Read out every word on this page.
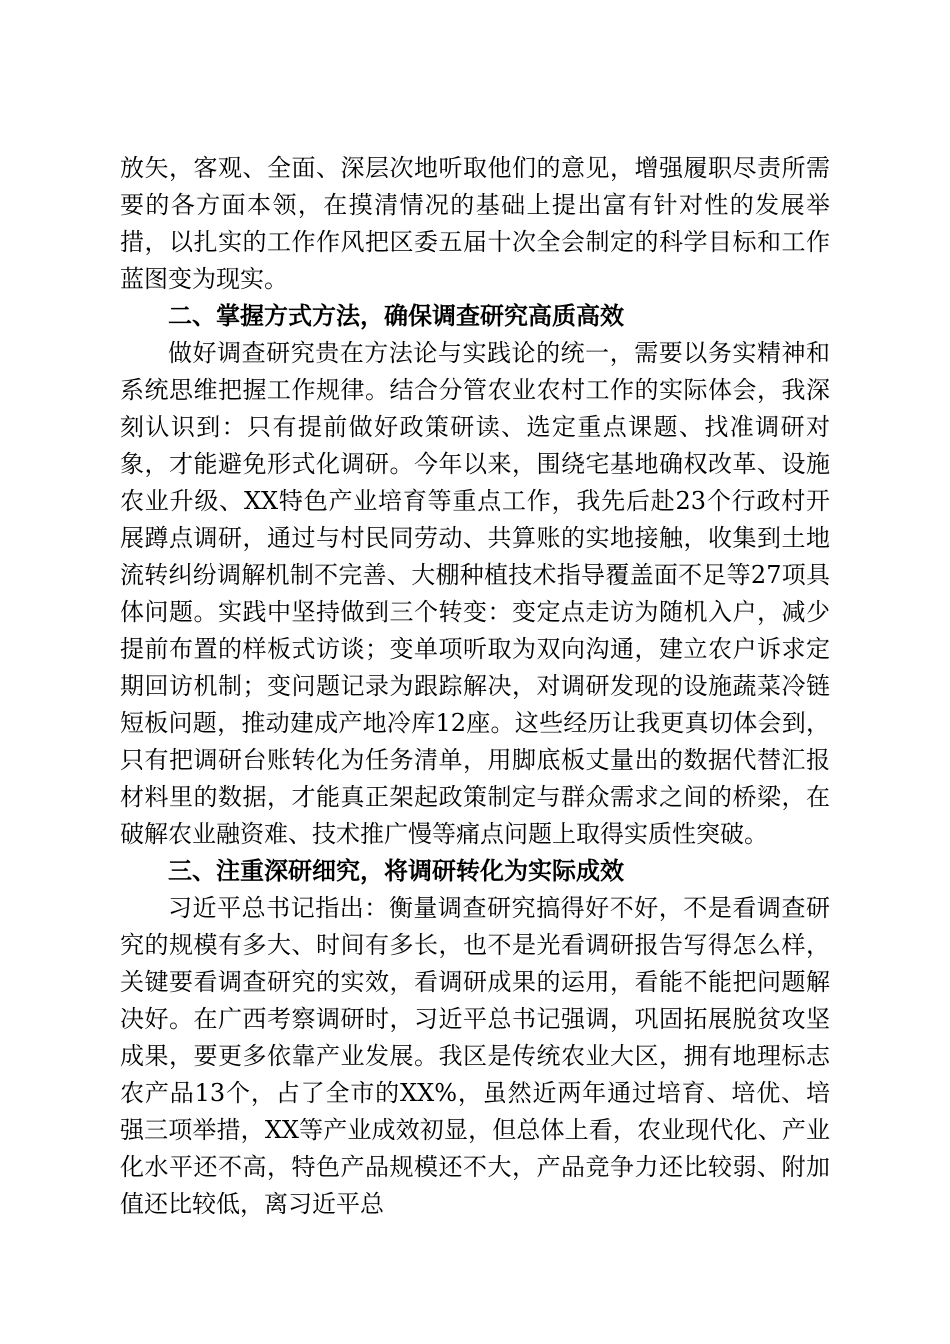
放矢，客观、全面、深层次地听取他们的意见，增强履职尽责所需要的各方面本领，在摸清情况的基础上提出富有针对性的发展举措，以扎实的工作作风把区委五届十次全会制定的科学目标和工作蓝图变为现实。

二、掌握方式方法，确保调查研究高质高效

做好调查研究贵在方法论与实践论的统一，需要以务实精神和系统思维把握工作规律。结合分管农业农村工作的实际体会，我深刻认识到：只有提前做好政策研读、选定重点课题、找准调研对象，才能避免形式化调研。今年以来，围绕宅基地确权改革、设施农业升级、XX特色产业培育等重点工作，我先后赴23个行政村开展蹲点调研，通过与村民同劳动、共算账的实地接触，收集到土地流转纠纷调解机制不完善、大棚种植技术指导覆盖面不足等27项具体问题。实践中坚持做到三个转变：变定点走访为随机入户，减少提前布置的样板式访谈；变单项听取为双向沟通，建立农户诉求定期回访机制；变问题记录为跟踪解决，对调研发现的设施蔬菜冷链短板问题，推动建成产地冷库12座。这些经历让我更真切体会到，只有把调研台账转化为任务清单，用脚底板丈量出的数据代替汇报材料里的数据，才能真正架起政策制定与群众需求之间的桥梁，在破解农业融资难、技术推广慢等痛点问题上取得实质性突破。

三、注重深研细究，将调研转化为实际成效

习近平总书记指出：衡量调查研究搞得好不好，不是看调查研究的规模有多大、时间有多长，也不是光看调研报告写得怎么样，关键要看调查研究的实效，看调研成果的运用，看能不能把问题解决好。在广西考察调研时，习近平总书记强调，巩固拓展脱贫攻坚成果，要更多依靠产业发展。我区是传统农业大区，拥有地理标志农产品13个，占了全市的XX%，虽然近两年通过培育、培优、培强三项举措，XX等产业成效初显，但总体上看，农业现代化、产业化水平还不高，特色产品规模还不大，产品竞争力还比较弱、附加值还比较低，离习近平总
